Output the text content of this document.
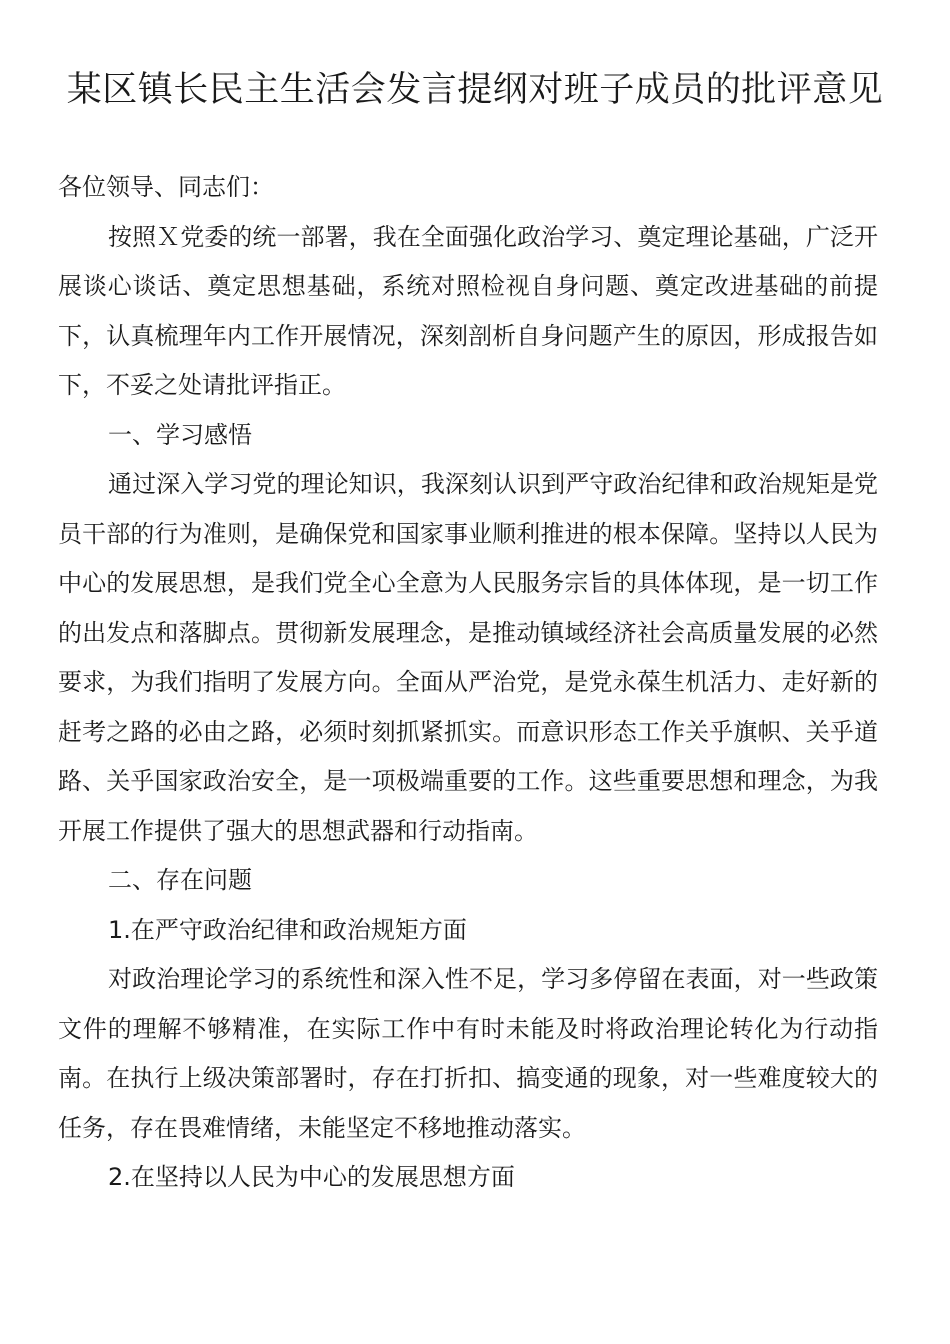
某区镇长民主生活会发言提纲对班子成员的批评意见

各位领导、同志们：

按照Ｘ党委的统一部署，我在全面强化政治学习、奠定理论基础，广泛开展谈心谈话、奠定思想基础，系统对照检视自身问题、奠定改进基础的前提下，认真梳理年内工作开展情况，深刻剖析自身问题产生的原因，形成报告如下，不妥之处请批评指正。

一、学习感悟

通过深入学习党的理论知识，我深刻认识到严守政治纪律和政治规矩是党员干部的行为准则，是确保党和国家事业顺利推进的根本保障。坚持以人民为中心的发展思想，是我们党全心全意为人民服务宗旨的具体体现，是一切工作的出发点和落脚点。贯彻新发展理念，是推动镇域经济社会高质量发展的必然要求，为我们指明了发展方向。全面从严治党，是党永葆生机活力、走好新的赶考之路的必由之路，必须时刻抓紧抓实。而意识形态工作关乎旗帜、关乎道路、关乎国家政治安全，是一项极端重要的工作。这些重要思想和理念，为我开展工作提供了强大的思想武器和行动指南。

二、存在问题

1.在严守政治纪律和政治规矩方面

对政治理论学习的系统性和深入性不足，学习多停留在表面，对一些政策文件的理解不够精准，在实际工作中有时未能及时将政治理论转化为行动指南。在执行上级决策部署时，存在打折扣、搞变通的现象，对一些难度较大的任务，存在畏难情绪，未能坚定不移地推动落实。

2.在坚持以人民为中心的发展思想方面
